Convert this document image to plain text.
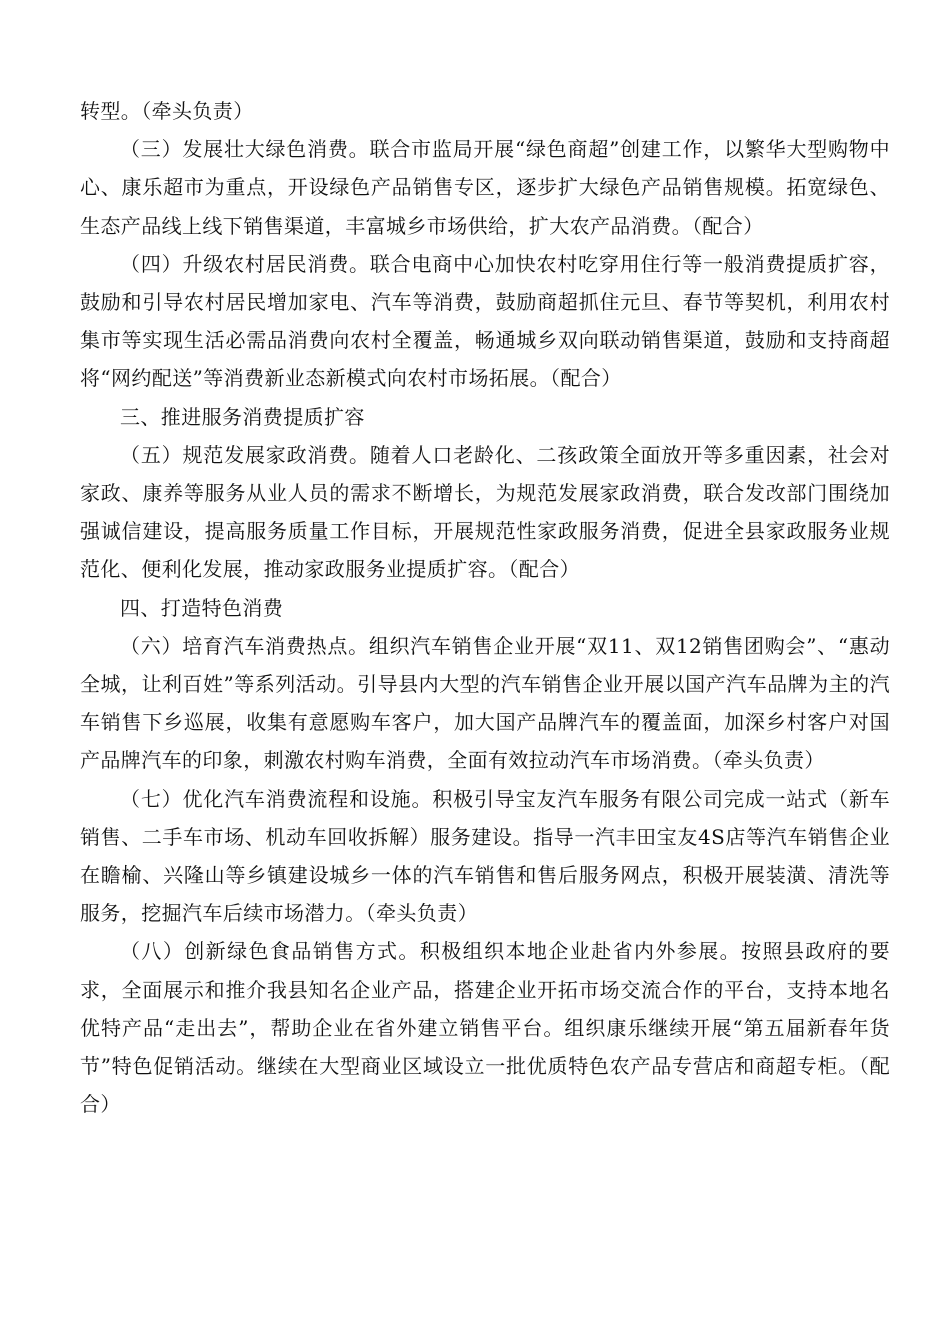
转型。（牵头负责）

（三）发展壮大绿色消费。联合市监局开展“绿色商超”创建工作，以繁华大型购物中心、康乐超市为重点，开设绿色产品销售专区，逐步扩大绿色产品销售规模。拓宽绿色、生态产品线上线下销售渠道，丰富城乡市场供给，扩大农产品消费。（配合）

（四）升级农村居民消费。联合电商中心加快农村吃穿用住行等一般消费提质扩容，鼓励和引导农村居民增加家电、汽车等消费，鼓励商超抓住元旦、春节等契机，利用农村集市等实现生活必需品消费向农村全覆盖，畅通城乡双向联动销售渠道，鼓励和支持商超将“网约配送”等消费新业态新模式向农村市场拓展。（配合）

三、推进服务消费提质扩容

（五）规范发展家政消费。随着人口老龄化、二孩政策全面放开等多重因素，社会对家政、康养等服务从业人员的需求不断增长，为规范发展家政消费，联合发改部门围绕加强诚信建设，提高服务质量工作目标，开展规范性家政服务消费，促进全县家政服务业规范化、便利化发展，推动家政服务业提质扩容。（配合）

四、打造特色消费

（六）培育汽车消费热点。组织汽车销售企业开展“双11、双12销售团购会”、“惠动全城，让利百姓”等系列活动。引导县内大型的汽车销售企业开展以国产汽车品牌为主的汽车销售下乡巡展，收集有意愿购车客户，加大国产品牌汽车的覆盖面，加深乡村客户对国产品牌汽车的印象，刺激农村购车消费，全面有效拉动汽车市场消费。（牵头负责）

（七）优化汽车消费流程和设施。积极引导宝友汽车服务有限公司完成一站式（新车销售、二手车市场、机动车回收拆解）服务建设。指导一汽丰田宝友4S店等汽车销售企业在瞻榆、兴隆山等乡镇建设城乡一体的汽车销售和售后服务网点，积极开展装潢、清洗等服务，挖掘汽车后续市场潜力。（牵头负责）

（八）创新绿色食品销售方式。积极组织本地企业赴省内外参展。按照县政府的要求，全面展示和推介我县知名企业产品，搭建企业开拓市场交流合作的平台，支持本地名优特产品“走出去”，帮助企业在省外建立销售平台。组织康乐继续开展“第五届新春年货节”特色促销活动。继续在大型商业区域设立一批优质特色农产品专营店和商超专柜。（配合）
